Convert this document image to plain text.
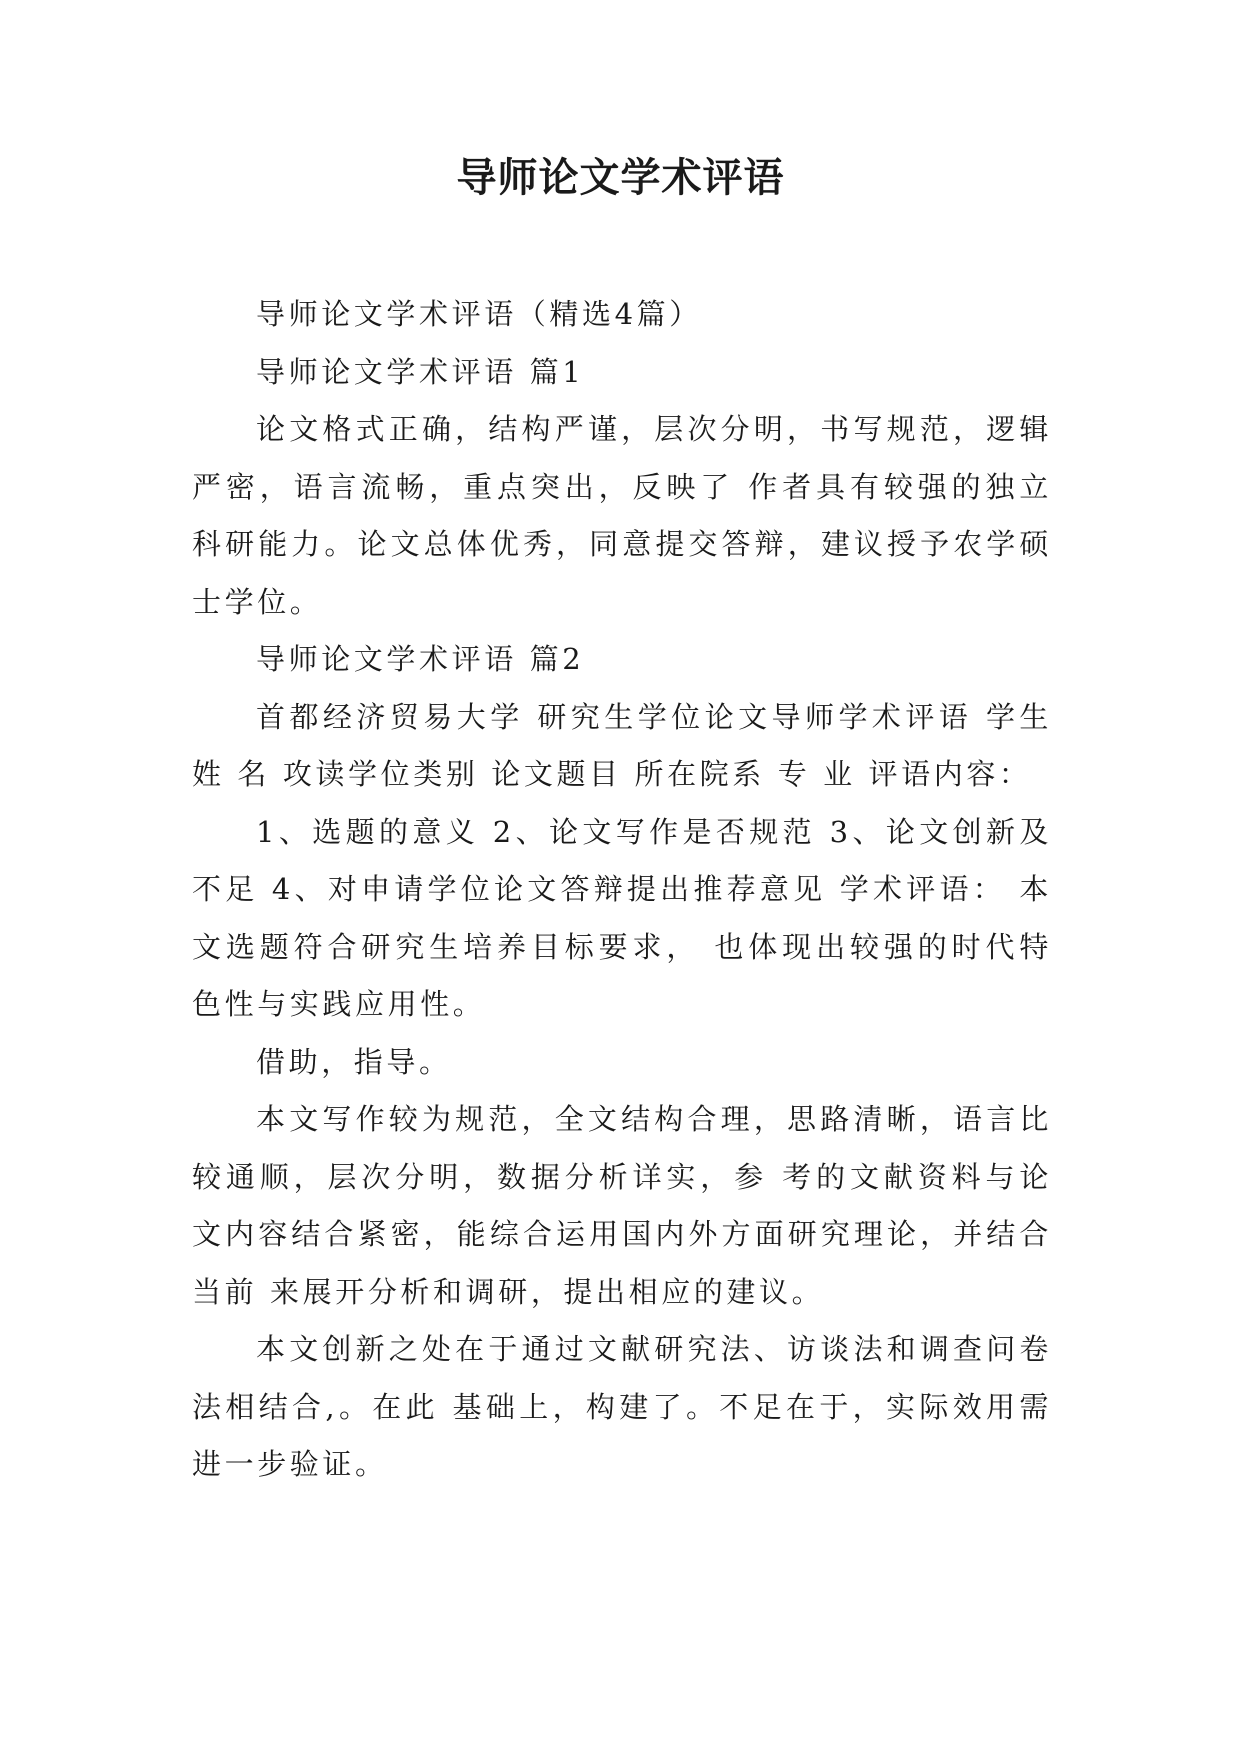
导师论文学术评语

导师论文学术评语（精选4篇）

导师论文学术评语 篇1

论文格式正确，结构严谨，层次分明，书写规范，逻辑严密，语言流畅，重点突出，反映了 作者具有较强的独立科研能力。论文总体优秀，同意提交答辩，建议授予农学硕士学位。

导师论文学术评语 篇2

首都经济贸易大学 研究生学位论文导师学术评语 学生 姓 名 攻读学位类别 论文题目 所在院系 专 业 评语内容：

1、选题的意义 2、论文写作是否规范 3、论文创新及不足 4、对申请学位论文答辩提出推荐意见 学术评语： 本文选题符合研究生培养目标要求， 也体现出较强的时代特色性与实践应用性。

借助，指导。

本文写作较为规范，全文结构合理，思路清晰，语言比较通顺，层次分明，数据分析详实，参 考的文献资料与论文内容结合紧密，能综合运用国内外方面研究理论，并结合当前 来展开分析和调研，提出相应的建议。

本文创新之处在于通过文献研究法、访谈法和调查问卷法相结合,。在此 基础上，构建了。不足在于，实际效用需进一步验证。
